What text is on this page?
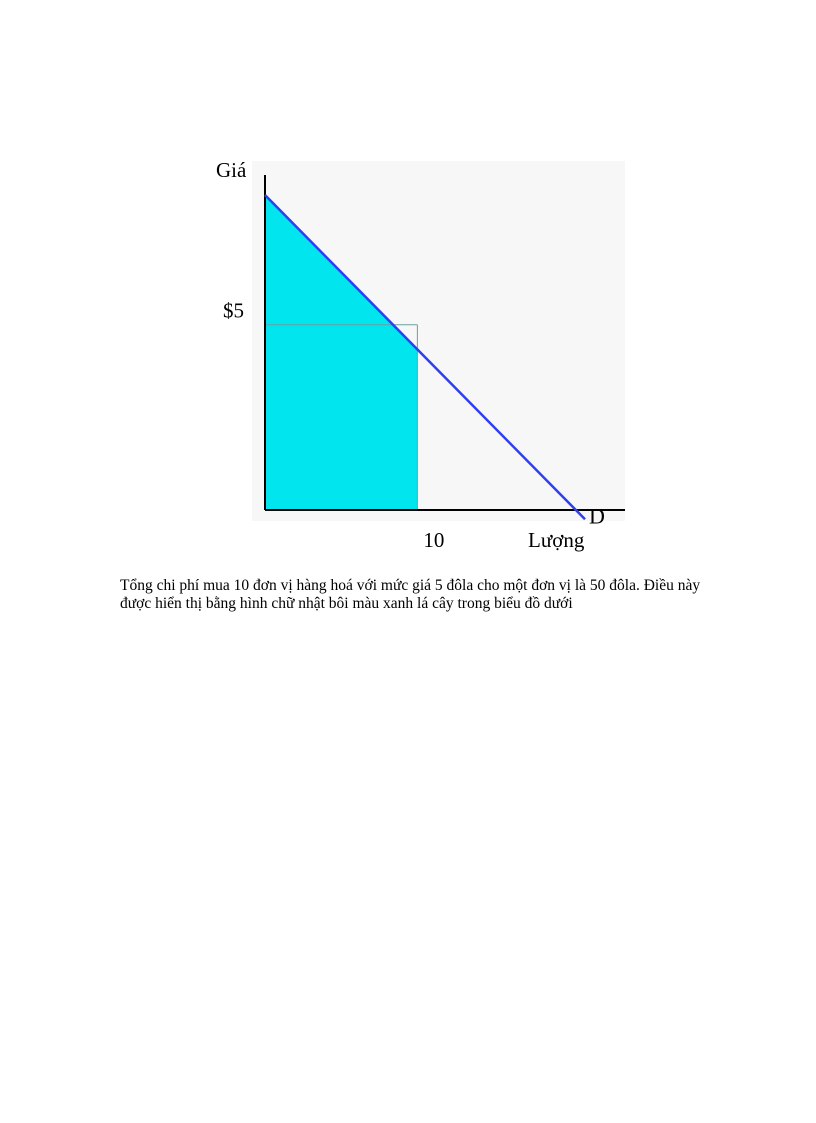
Giá
Lượng
$5
10
D

Tổng chi phí mua 10 đơn vị hàng hoá với mức giá 5 đôla cho một đơn vị là 50 đôla. Điều này được hiển thị bằng hình chữ nhật bôi màu xanh lá cây trong biểu đồ dưới
